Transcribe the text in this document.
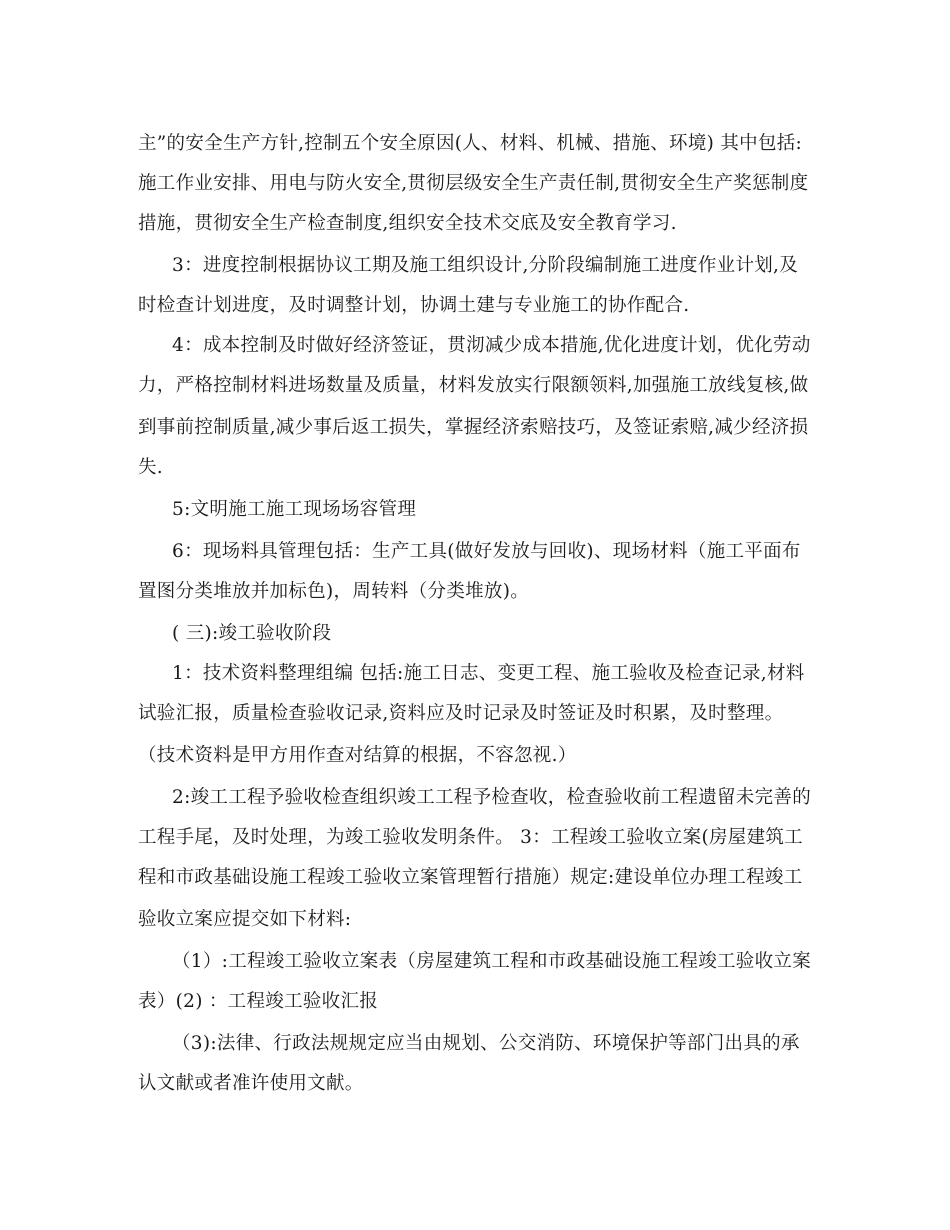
主”的安全生产方针,控制五个安全原因(人、材料、机械、措施、环境) 其中包括:
施工作业安排、用电与防火安全,贯彻层级安全生产责任制,贯彻安全生产奖惩制度
措施，贯彻安全生产检查制度,组织安全技术交底及安全教育学习.
3：进度控制根据协议工期及施工组织设计,分阶段编制施工进度作业计划,及
时检查计划进度，及时调整计划，协调土建与专业施工的协作配合.
4：成本控制及时做好经济签证，贯沏减少成本措施,优化进度计划，优化劳动
力，严格控制材料进场数量及质量，材料发放实行限额领料,加强施工放线复核,做
到事前控制质量,减少事后返工损失，掌握经济索赔技巧，及签证索赔,减少经济损
失.
5:文明施工施工现场场容管理
6：现场料具管理包括：生产工具(做好发放与回收)、现场材料（施工平面布
置图分类堆放并加标色)，周转料（分类堆放)。
( 三):竣工验收阶段
1：技术资料整理组编 包括:施工日志、变更工程、施工验收及检查记录,材料
试验汇报，质量检查验收记录,资料应及时记录及时签证及时积累，及时整理。
（技术资料是甲方用作查对结算的根据，不容忽视.）
2:竣工工程予验收检查组织竣工工程予检查收，检查验收前工程遗留未完善的
工程手尾，及时处理，为竣工验收发明条件。 3：工程竣工验收立案(房屋建筑工
程和市政基础设施工程竣工验收立案管理暂行措施）规定:建设单位办理工程竣工
验收立案应提交如下材料:
（1）:工程竣工验收立案表（房屋建筑工程和市政基础设施工程竣工验收立案
表）(2) ：工程竣工验收汇报
（3):法律、行政法规规定应当由规划、公交消防、环境保护等部门出具的承
认文献或者准许使用文献。
